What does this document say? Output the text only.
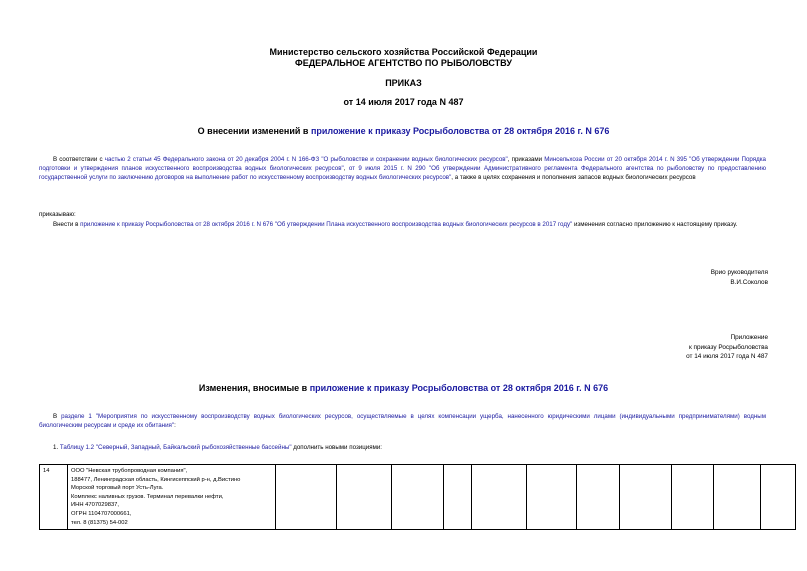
Министерство сельского хозяйства Российской Федерации
ФЕДЕРАЛЬНОЕ АГЕНТСТВО ПО РЫБОЛОВСТВУ
ПРИКАЗ
от 14 июля 2017 года N 487
О внесении изменений в приложение к приказу Росрыболовства от 28 октября 2016 г. N 676
В соответствии с частью 2 статьи 45 Федерального закона от 20 декабря 2004 г. N 166-ФЗ "О рыболовстве и сохранении водных биологических ресурсов", приказами Минсельхоза России от 20 октября 2014 г. N 395 "Об утверждении Порядка подготовки и утверждения планов искусственного воспроизводства водных биологических ресурсов", от 9 июля 2015 г. N 290 "Об утверждении Административного регламента Федерального агентства по рыболовству по предоставлению государственной услуги по заключению договоров на выполнение работ по искусственному воспроизводству водных биологических ресурсов", а также в целях сохранения и пополнения запасов водных биологических ресурсов
приказываю:
Внести в приложение к приказу Росрыболовства от 28 октября 2016 г. N 676 "Об утверждении Плана искусственного воспроизводства водных биологических ресурсов в 2017 году" изменения согласно приложению к настоящему приказу.
Врио руководителя
В.И.Соколов
Приложение
к приказу Росрыболовства
от 14 июля 2017 года N 487
Изменения, вносимые в приложение к приказу Росрыболовства от 28 октября 2016 г. N 676
В разделе 1 "Мероприятия по искусственному воспроизводству водных биологических ресурсов, осуществляемые в целях компенсации ущерба, нанесенного юридическими лицами (индивидуальными предпринимателями) водным биологическим ресурсам и среде их обитания":
1. Таблицу 1.2 "Северный, Западный, Байкальский рыбохозяйственные бассейны" дополнить новыми позициями:
14	ООО "Невская трубопроводная компания",
188477, Ленинградская область, Кингисеппский р-н, д.Вистино
Морской торговый порт Усть-Луга.
Комплекс наливных грузов. Терминал перевалки нефти,
ИНН 4707029837,
ОГРН 1104707000661,
тел. 8 (81375) 54-002
